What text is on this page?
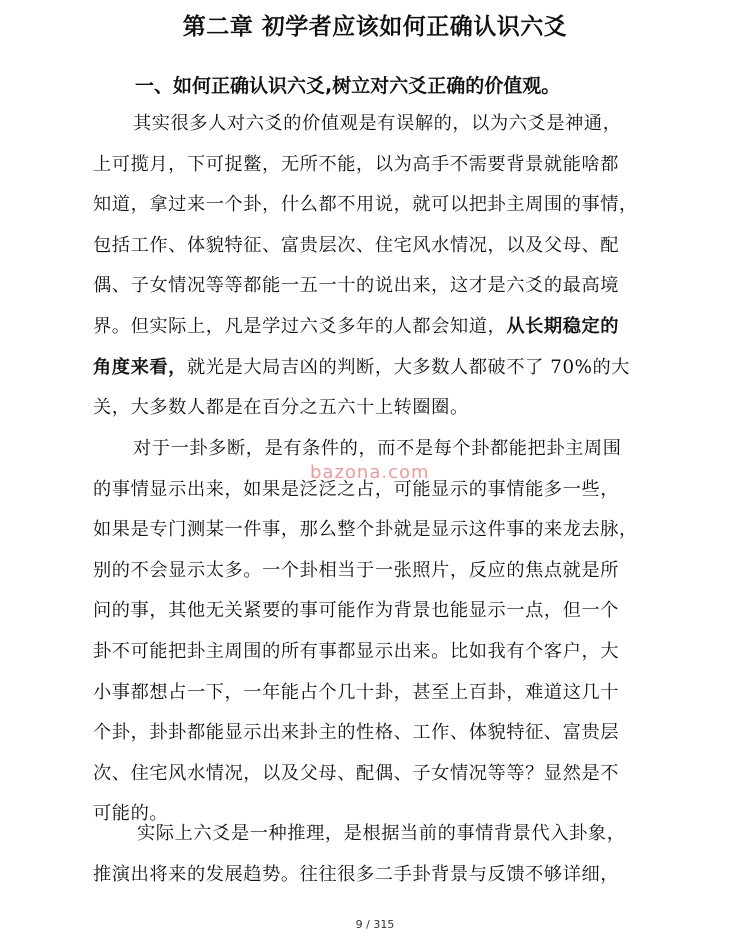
第二章 初学者应该如何正确认识六爻
一、如何正确认识六爻,树立对六爻正确的价值观。
其实很多人对六爻的价值观是有误解的，以为六爻是神通，
上可揽月，下可捉鳖，无所不能，以为高手不需要背景就能啥都
知道，拿过来一个卦，什么都不用说，就可以把卦主周围的事情，
包括工作、体貌特征、富贵层次、住宅风水情况，以及父母、配
偶、子女情况等等都能一五一十的说出来，这才是六爻的最高境
界。但实际上，凡是学过六爻多年的人都会知道，从长期稳定的
角度来看，就光是大局吉凶的判断，大多数人都破不了 70%的大
关，大多数人都是在百分之五六十上转圈圈。
对于一卦多断，是有条件的，而不是每个卦都能把卦主周围
的事情显示出来，如果是泛泛之占，可能显示的事情能多一些，
如果是专门测某一件事，那么整个卦就是显示这件事的来龙去脉，
别的不会显示太多。一个卦相当于一张照片，反应的焦点就是所
问的事，其他无关紧要的事可能作为背景也能显示一点，但一个
卦不可能把卦主周围的所有事都显示出来。比如我有个客户，大
小事都想占一下，一年能占个几十卦，甚至上百卦，难道这几十
个卦，卦卦都能显示出来卦主的性格、工作、体貌特征、富贵层
次、住宅风水情况，以及父母、配偶、子女情况等等？显然是不
可能的。
实际上六爻是一种推理，是根据当前的事情背景代入卦象，
推演出将来的发展趋势。往往很多二手卦背景与反馈不够详细，
bazona.com
9 / 315
